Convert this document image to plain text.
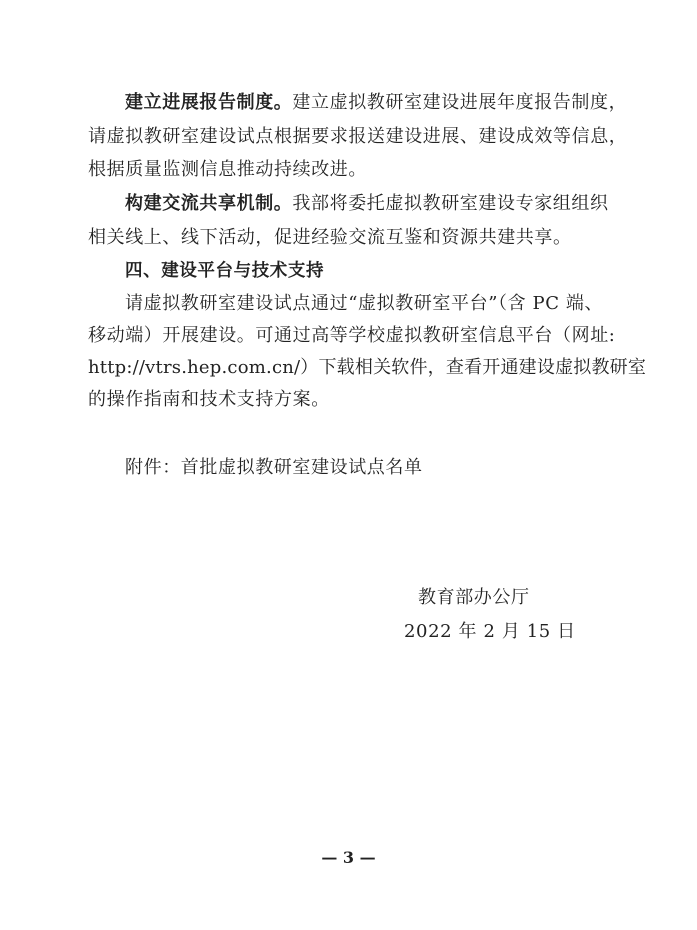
建立进展报告制度。建立虚拟教研室建设进展年度报告制度，
请虚拟教研室建设试点根据要求报送建设进展、建设成效等信息，
根据质量监测信息推动持续改进。
构建交流共享机制。我部将委托虚拟教研室建设专家组组织
相关线上、线下活动，促进经验交流互鉴和资源共建共享。
四、建设平台与技术支持
请虚拟教研室建设试点通过“虚拟教研室平台”（含 PC 端、
移动端）开展建设。可通过高等学校虚拟教研室信息平台（网址:
http://vtrs.hep.com.cn/）下载相关软件，查看开通建设虚拟教研室
的操作指南和技术支持方案。
附件：首批虚拟教研室建设试点名单
教育部办公厅
2022 年 2 月 15 日
— 3 —
